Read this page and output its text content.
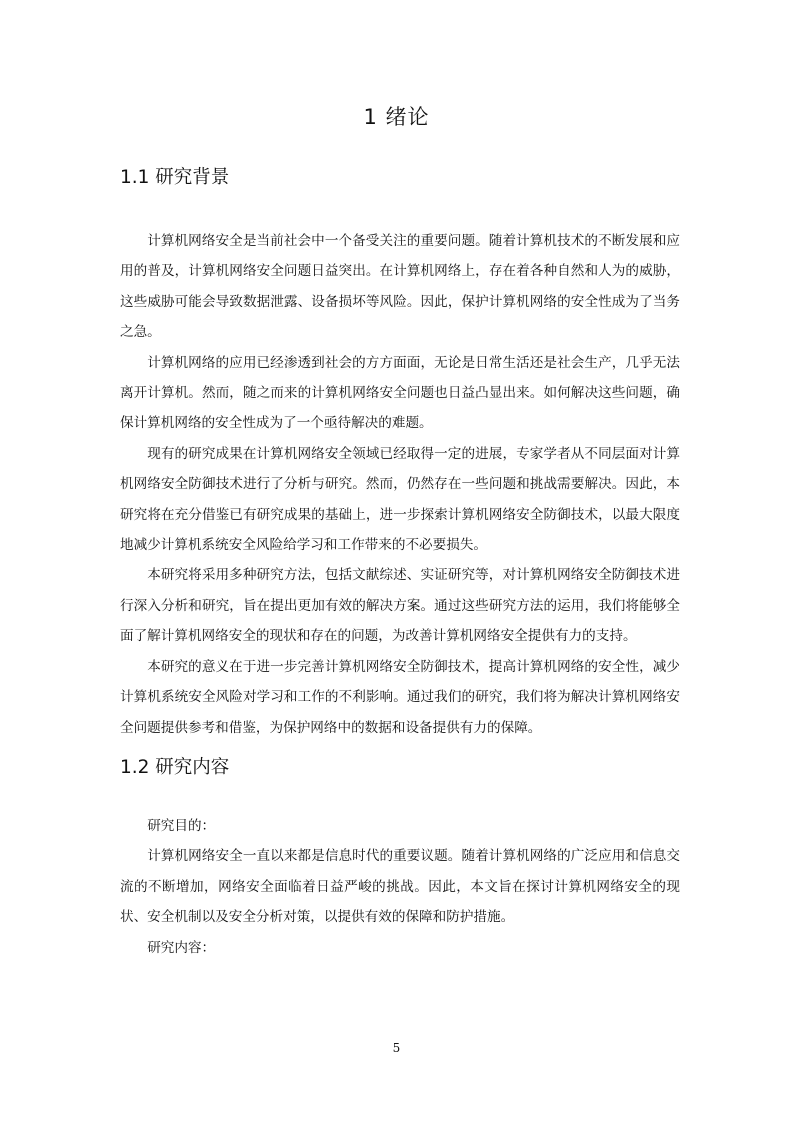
1 绪论
1.1 研究背景

计算机网络安全是当前社会中一个备受关注的重要问题。随着计算机技术的不断发展和应用的普及，计算机网络安全问题日益突出。在计算机网络上，存在着各种自然和人为的威胁，这些威胁可能会导致数据泄露、设备损坏等风险。因此，保护计算机网络的安全性成为了当务之急。

计算机网络的应用已经渗透到社会的方方面面，无论是日常生活还是社会生产，几乎无法离开计算机。然而，随之而来的计算机网络安全问题也日益凸显出来。如何解决这些问题，确保计算机网络的安全性成为了一个亟待解决的难题。

现有的研究成果在计算机网络安全领域已经取得一定的进展，专家学者从不同层面对计算机网络安全防御技术进行了分析与研究。然而，仍然存在一些问题和挑战需要解决。因此，本研究将在充分借鉴已有研究成果的基础上，进一步探索计算机网络安全防御技术，以最大限度地减少计算机系统安全风险给学习和工作带来的不必要损失。

本研究将采用多种研究方法，包括文献综述、实证研究等，对计算机网络安全防御技术进行深入分析和研究，旨在提出更加有效的解决方案。通过这些研究方法的运用，我们将能够全面了解计算机网络安全的现状和存在的问题，为改善计算机网络安全提供有力的支持。

本研究的意义在于进一步完善计算机网络安全防御技术，提高计算机网络的安全性，减少计算机系统安全风险对学习和工作的不利影响。通过我们的研究，我们将为解决计算机网络安全问题提供参考和借鉴，为保护网络中的数据和设备提供有力的保障。

1.2 研究内容

研究目的：

计算机网络安全一直以来都是信息时代的重要议题。随着计算机网络的广泛应用和信息交流的不断增加，网络安全面临着日益严峻的挑战。因此，本文旨在探讨计算机网络安全的现状、安全机制以及安全分析对策，以提供有效的保障和防护措施。

研究内容：

5
